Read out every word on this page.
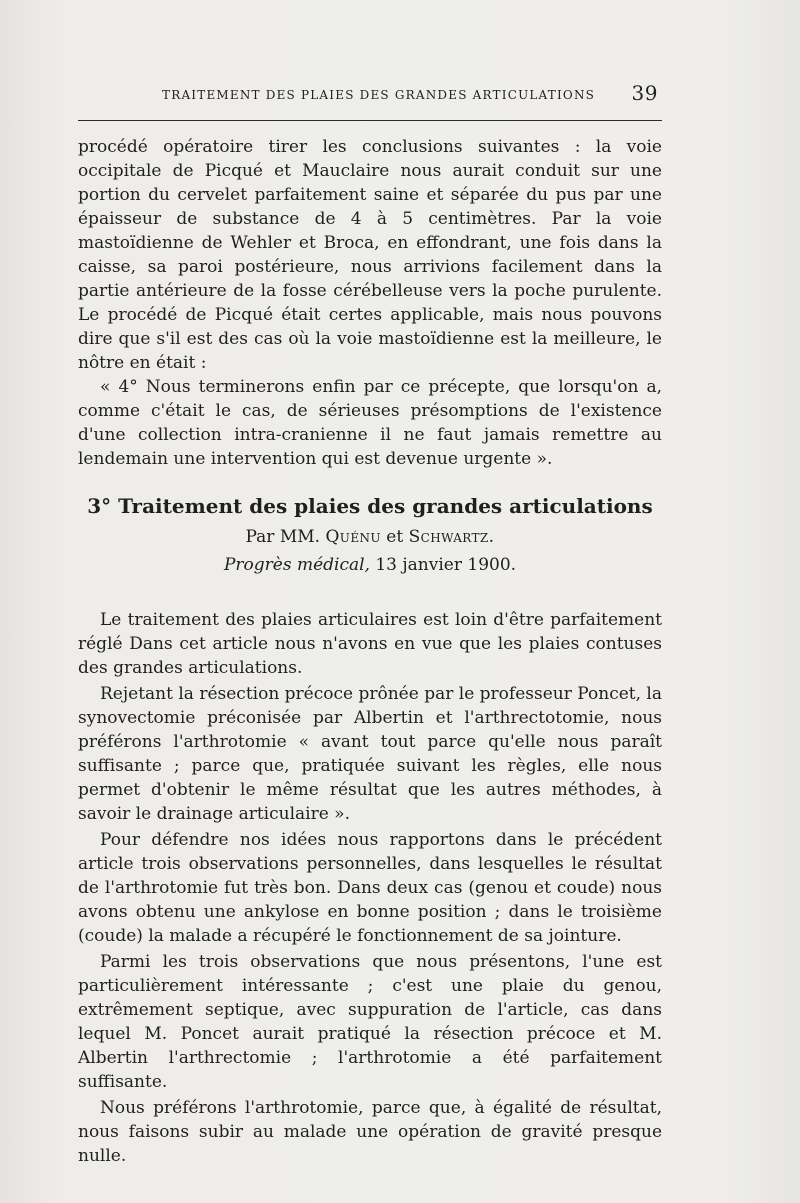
TRAITEMENT DES PLAIES DES GRANDES ARTICULATIONS 39

procédé opératoire tirer les conclusions suivantes : la voie occipitale de Picqué et Mauclaire nous aurait conduit sur une portion du cervelet parfaitement saine et séparée du pus par une épaisseur de substance de 4 à 5 centimètres. Par la voie mastoïdienne de Wehler et Broca, en effondrant, une fois dans la caisse, sa paroi postérieure, nous arrivions facilement dans la partie antérieure de la fosse cérébelleuse vers la poche purulente. Le procédé de Picqué était certes applicable, mais nous pouvons dire que s'il est des cas où la voie mastoïdienne est la meilleure, le nôtre en était :

« 4° Nous terminerons enfin par ce précepte, que lorsqu'on a, comme c'était le cas, de sérieuses présomptions de l'existence d'une collection intra-cranienne il ne faut jamais remettre au lendemain une intervention qui est devenue urgente ».

3° Traitement des plaies des grandes articulations
Par MM. Quénu et Schwartz.
Progrès médical, 13 janvier 1900.

Le traitement des plaies articulaires est loin d'être parfaitement réglé Dans cet article nous n'avons en vue que les plaies contuses des grandes articulations.

Rejetant la résection précoce prônée par le professeur Poncet, la synovectomie préconisée par Albertin et l'arthrectotomie, nous préférons l'arthrotomie « avant tout parce qu'elle nous paraît suffisante ; parce que, pratiquée suivant les règles, elle nous permet d'obtenir le même résultat que les autres méthodes, à savoir le drainage articulaire ».

Pour défendre nos idées nous rapportons dans le précédent article trois observations personnelles, dans lesquelles le résultat de l'arthrotomie fut très bon. Dans deux cas (genou et coude) nous avons obtenu une ankylose en bonne position ; dans le troisième (coude) la malade a récupéré le fonctionnement de sa jointure.

Parmi les trois observations que nous présentons, l'une est particulièrement intéressante ; c'est une plaie du genou, extrêmement septique, avec suppuration de l'article, cas dans lequel M. Poncet aurait pratiqué la résection précoce et M. Albertin l'arthrectomie ; l'arthrotomie a été parfaitement suffisante.

Nous préférons l'arthrotomie, parce que, à égalité de résultat, nous faisons subir au malade une opération de gravité presque nulle.
